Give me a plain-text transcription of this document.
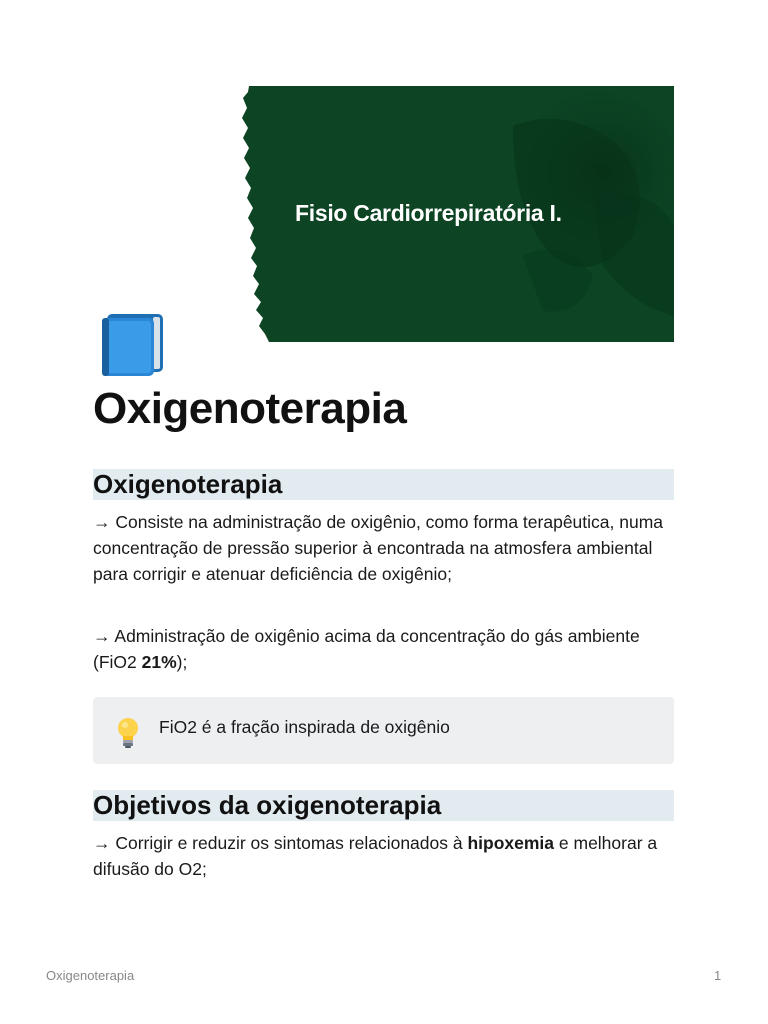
Fisio Cardiorrepiratória I.
Oxigenoterapia
Oxigenoterapia

→ Consiste na administração de oxigênio, como forma terapêutica, numa concentração de pressão superior à encontrada na atmosfera ambiental para corrigir e atenuar deficiência de oxigênio;

→ Administração de oxigênio acima da concentração do gás ambiente (FiO2 21%);

FiO2 é a fração inspirada de oxigênio
Objetivos da oxigenoterapia

→ Corrigir e reduzir os sintomas relacionados à hipoxemia e melhorar a difusão do O2;

Oxigenoterapia	1
